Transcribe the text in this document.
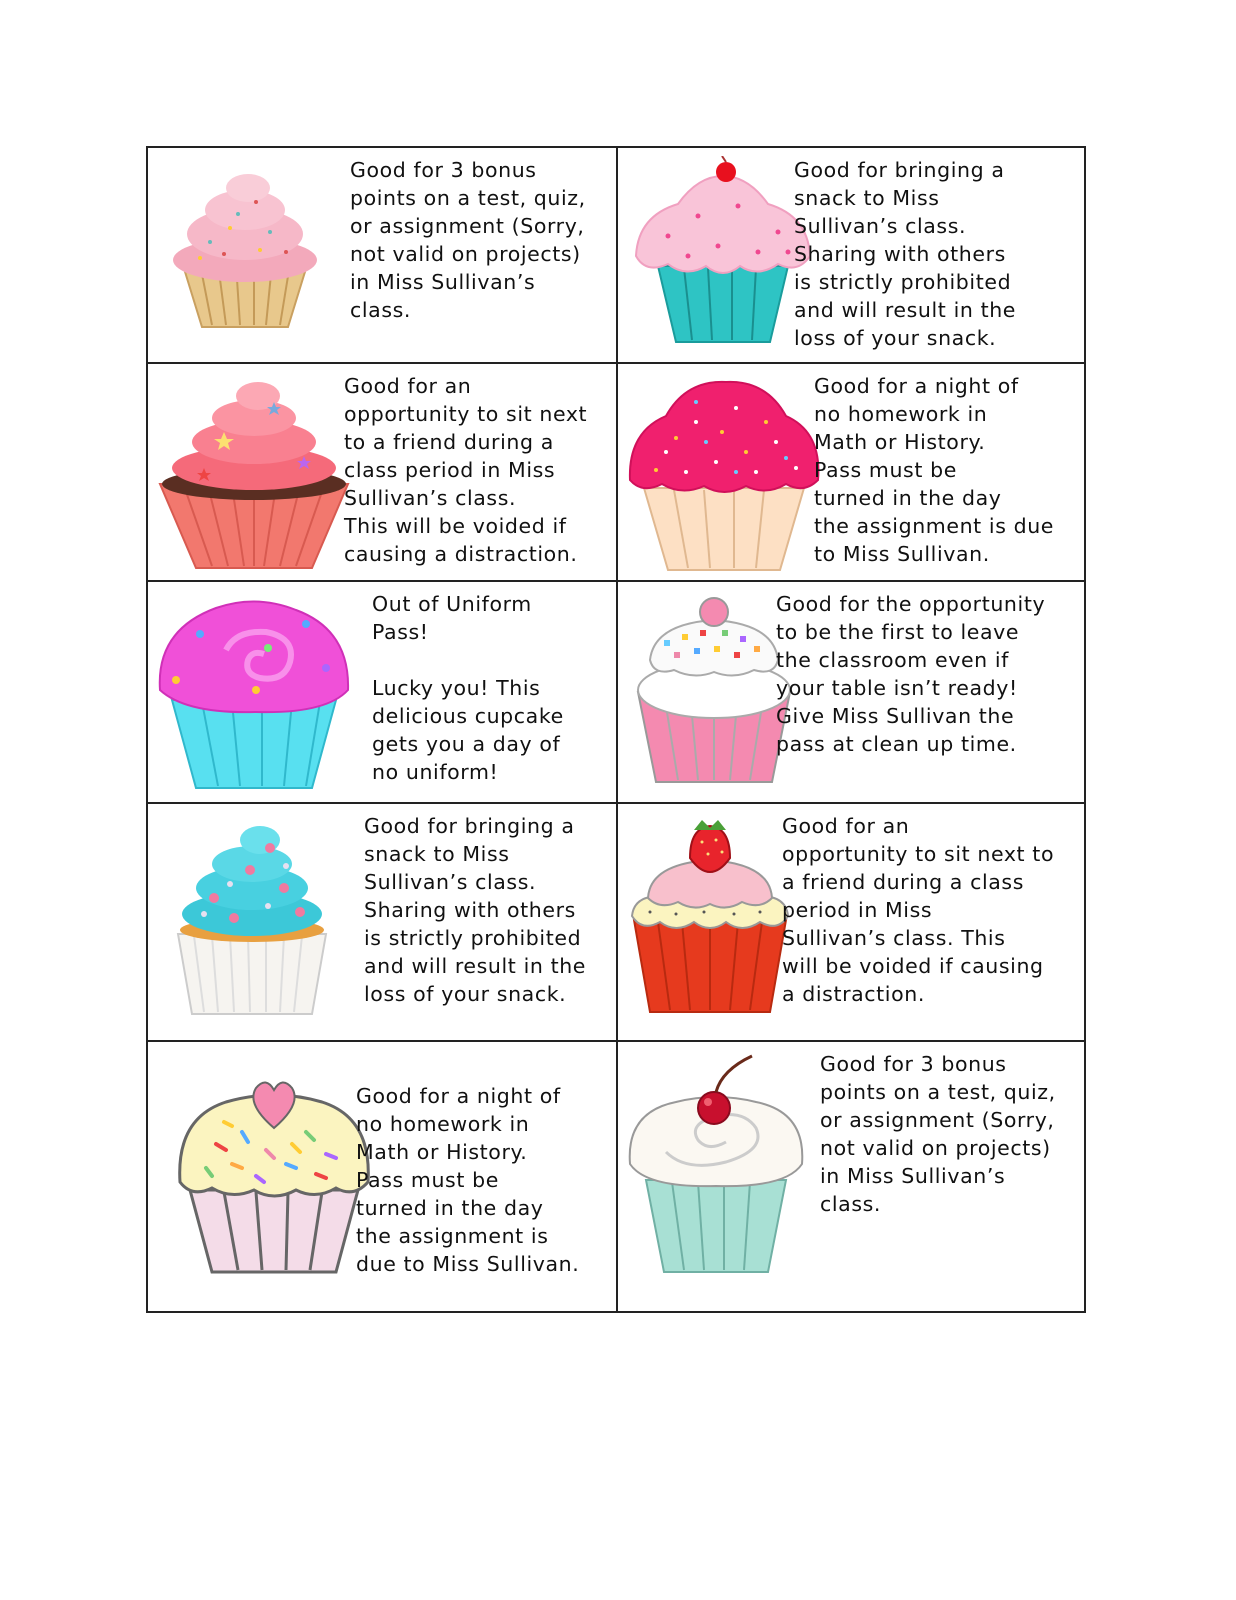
Good for 3 bonus
points on a test, quiz,
or assignment (Sorry,
not valid on projects)
in Miss Sullivan’s
class.
Good for bringing a
snack to Miss
Sullivan’s class.
Sharing with others
is strictly prohibited
and will result in the
loss of your snack.
Good for an
opportunity to sit next
to a friend during a
class period in Miss
Sullivan’s class.
This will be voided if
causing a distraction.
Good for a night of
no homework in
Math or History.
Pass must be
turned in the day
the assignment is due
to Miss Sullivan.
Out of Uniform
Pass!

Lucky you! This
delicious cupcake
gets you a day of
no uniform!
Good for the opportunity
to be the first to leave
the classroom even if
your table isn’t ready!
Give Miss Sullivan the
pass at clean up time.
Good for bringing a
snack to Miss
Sullivan’s class.
Sharing with others
is strictly prohibited
and will result in the
loss of your snack.
Good for an
opportunity to sit next to
a friend during a class
period in Miss
Sullivan’s class. This
will be voided if causing
a distraction.
Good for a night of
no homework in
Math or History.
Pass must be
turned in the day
the assignment is
due to Miss Sullivan.
Good for 3 bonus
points on a test, quiz,
or assignment (Sorry,
not valid on projects)
in Miss Sullivan’s
class.
